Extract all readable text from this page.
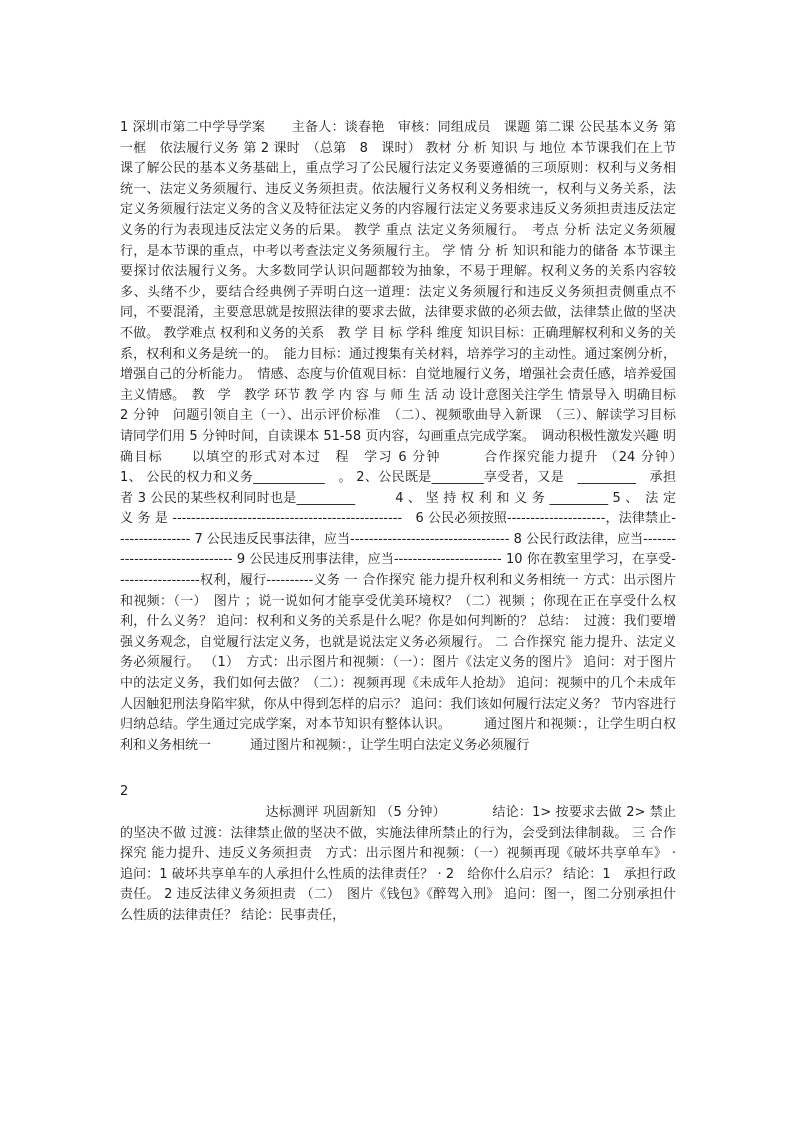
1 深圳市第二中学导学案　　主备人：谈春艳　审核：同组成员　课题 第二课 公民基本义务 第一框　依法履行义务 第 2 课时　（总第　8　课时） 教材 分 析 知识 与 地位 本节课我们在上节课了解公民的基本义务基础上，重点学习了公民履行法定义务要遵循的三项原则：权利与义务相统一、法定义务须履行、违反义务须担责。依法履行义务权利义务相统一，权利与义务关系，法定义务须履行法定义务的含义及特征法定义务的内容履行法定义务要求违反义务须担责违反法定义务的行为表现违反法定义务的后果。 教学 重点 法定义务须履行。　考点 分析 法定义务须履行，是本节课的重点，中考以考查法定义务须履行主。 学 情 分 析 知识和能力的储备 本节课主要探讨依法履行义务。大多数同学认识问题都较为抽象，不易于理解。权利义务的关系内容较多、头绪不少，要结合经典例子弄明白这一道理：法定义务须履行和违反义务须担责侧重点不同，不要混淆，主要意思就是按照法律的要求去做，法律要求做的必须去做，法律禁止做的坚决不做。 教学难点 权利和义务的关系　教 学 目 标 学科 维度 知识目标：正确理解权利和义务的关系，权利和义务是统一的。　能力目标：通过搜集有关材料，培养学习的主动性。通过案例分析，增强自己的分析能力。　情感、态度与价值观目标：自觉地履行义务，增强社会责任感，培养爱国主义情感。　教　学　教学 环节 教 学 内 容 与 师 生 活 动 设计意图关注学生 情景导入 明确目标 2 分钟　问题引领自主（一）、出示评价标准　（二）、视频歌曲导入新课　（三）、解读学习目标　　请同学们用 5 分钟时间，自读课本 51-58 页内容，勾画重点完成学案。　调动积极性激发兴趣 明确目标　　以填空的形式对本过　程　学习 6 分钟　　　合作探究能力提升 （24 分钟）　　　　　1、 公民的权力和义务___________　。 2、公民既是________享受者，又是　_________　承担者 3 公民的某些权利同时也是_________　　　4 、 坚 持 权 利 和 义 务 _________ 5 、　法 定 义 务 是 -------------------------------------------------　6 公民必须按照---------------------，法律禁止---------------- 7 公民违反民事法律，应当---------------------------------- 8 公民行政法律，应当------------------------------- 9 公民违反刑事法律，应当----------------------- 10 你在教室里学习，在享受------------------权利，履行----------义务 一 合作探究 能力提升权利和义务相统一 方式：出示图片和视频：（一）　图片 ；说一说如何才能享受优美环境权？（二）视频 ；你现在正在享受什么权利，什么义务？ 追问：权利和义务的关系是什么呢？你是如何判断的？ 总结：　过渡：我们要增强义务观念，自觉履行法定义务，也就是说法定义务必须履行。 二 合作探究 能力提升、法定义务必须履行。 （1）　方式：出示图片和视频：（一）：图片《法定义务的图片》 追问：对于图片中的法定义务，我们如何去做？（二）：视频再现《未成年人抢劫》 追问：视频中的几个未成年人因触犯刑法身陷牢狱，你从中得到怎样的启示？ 追问：我们该如何履行法定义务？ 节内容进行归纳总结。学生通过完成学案，对本节知识有整体认识。　　　通过图片和视频：，让学生明白权利和义务相统一　　　通过图片和视频：，让学生明白法定义务必须履行

2

　　　　　　　　　　　达标测评 巩固新知 （5 分钟）　　　　结论：1> 按要求去做 2> 禁止的坚决不做 过渡：法律禁止做的坚决不做，实施法律所禁止的行为，会受到法律制裁。 三 合作探究 能力提升、违反义务须担责　方式：出示图片和视频：（一）视频再现《破坏共享单车》 · 追问：1 破坏共享单车的人承担什么性质的法律责任？ · 2　给你什么启示？ 结论：1　承担行政责任。 2 违反法律义务须担责 （二）　图片《钱包》《醉驾入刑》 追问：图一，图二分别承担什么性质的法律责任？ 结论：民事责任，
